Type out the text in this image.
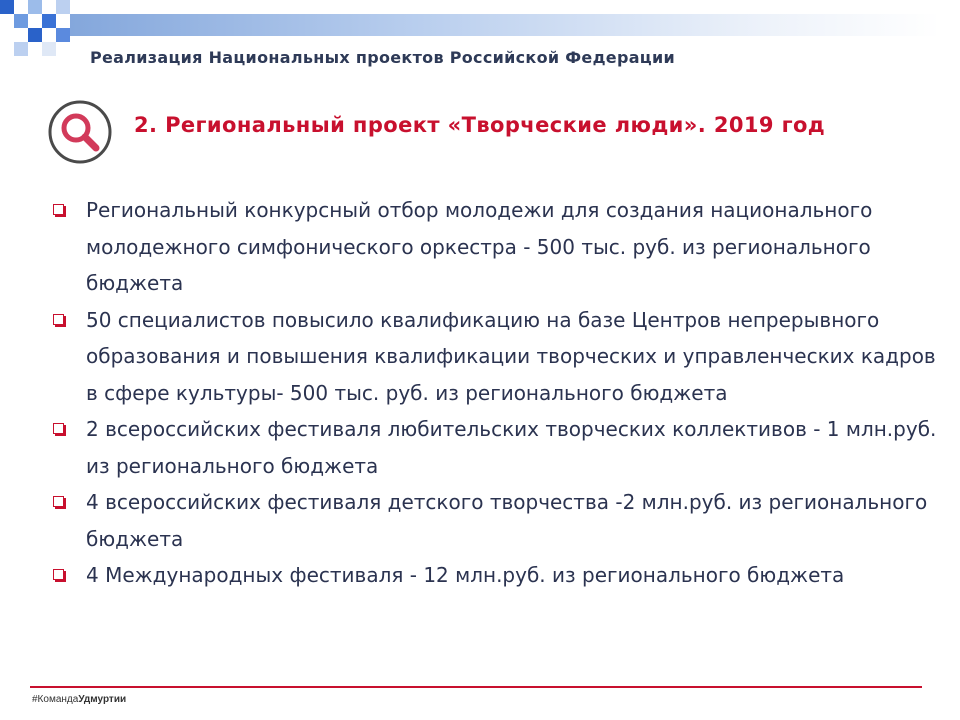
Реализация Национальных проектов Российской Федерации
2. Региональный проект «Творческие люди». 2019 год
Региональный конкурсный отбор молодежи для создания национального молодежного симфонического оркестра - 500 тыс. руб. из регионального бюджета
50 специалистов повысило квалификацию на базе Центров непрерывного образования и повышения квалификации творческих и управленческих кадров в сфере культуры- 500 тыс. руб. из регионального бюджета
2 всероссийских фестиваля любительских творческих коллективов - 1 млн.руб. из регионального бюджета
4 всероссийских фестиваля детского творчества -2 млн.руб. из регионального бюджета
4 Международных фестиваля - 12 млн.руб. из регионального бюджета
#КомандаУдмуртии
